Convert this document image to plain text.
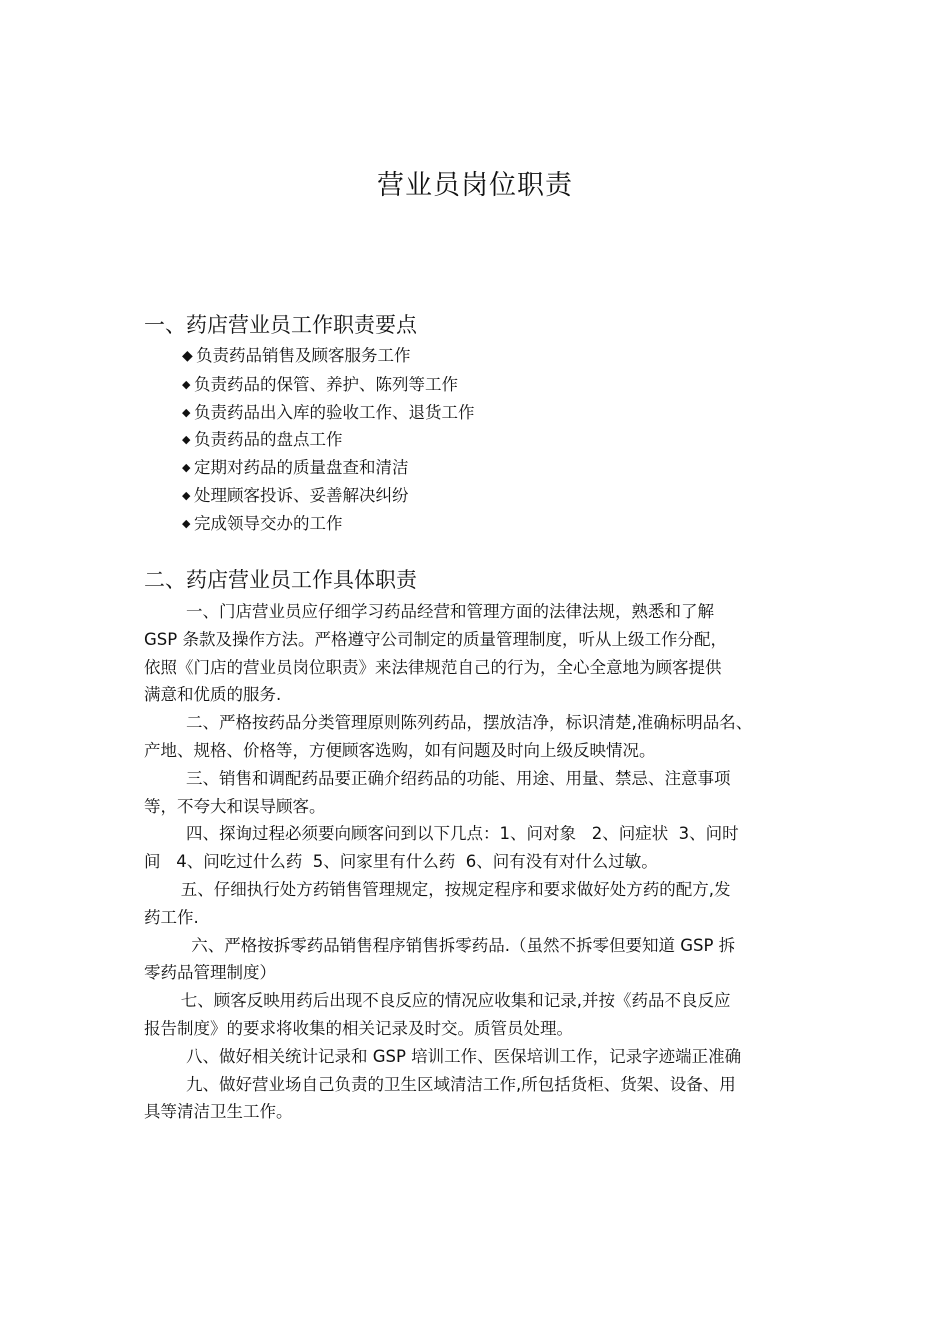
营业员岗位职责
一、药店营业员工作职责要点
◆ 负责药品销售及顾客服务工作
◆ 负责药品的保管、养护、陈列等工作
◆ 负责药品出入库的验收工作、退货工作
◆ 负责药品的盘点工作
◆ 定期对药品的质量盘查和清洁
◆ 处理顾客投诉、妥善解决纠纷
◆ 完成领导交办的工作
二、药店营业员工作具体职责

一、门店营业员应仔细学习药品经营和管理方面的法律法规，熟悉和了解

GSP 条款及操作方法。严格遵守公司制定的质量管理制度，听从上级工作分配，

依照《门店的营业员岗位职责》来法律规范自己的行为，全心全意地为顾客提供

满意和优质的服务.

二、严格按药品分类管理原则陈列药品，摆放洁净，标识清楚,准确标明品名、

产地、规格、价格等，方便顾客选购，如有问题及时向上级反映情况。

三、销售和调配药品要正确介绍药品的功能、用途、用量、禁忌、注意事项

等，不夸大和误导顾客。

四、探询过程必须要向顾客问到以下几点：1、问对象   2、问症状  3、问时

间   4、问吃过什么药  5、问家里有什么药  6、问有没有对什么过敏。

五、仔细执行处方药销售管理规定，按规定程序和要求做好处方药的配方,发

药工作.

六、严格按拆零药品销售程序销售拆零药品.（虽然不拆零但要知道 GSP 拆

零药品管理制度）

七、顾客反映用药后出现不良反应的情况应收集和记录,并按《药品不良反应

报告制度》的要求将收集的相关记录及时交。质管员处理。

八、做好相关统计记录和 GSP 培训工作、医保培训工作，记录字迹端正准确

九、做好营业场自己负责的卫生区域清洁工作,所包括货柜、货架、设备、用

具等清洁卫生工作。
